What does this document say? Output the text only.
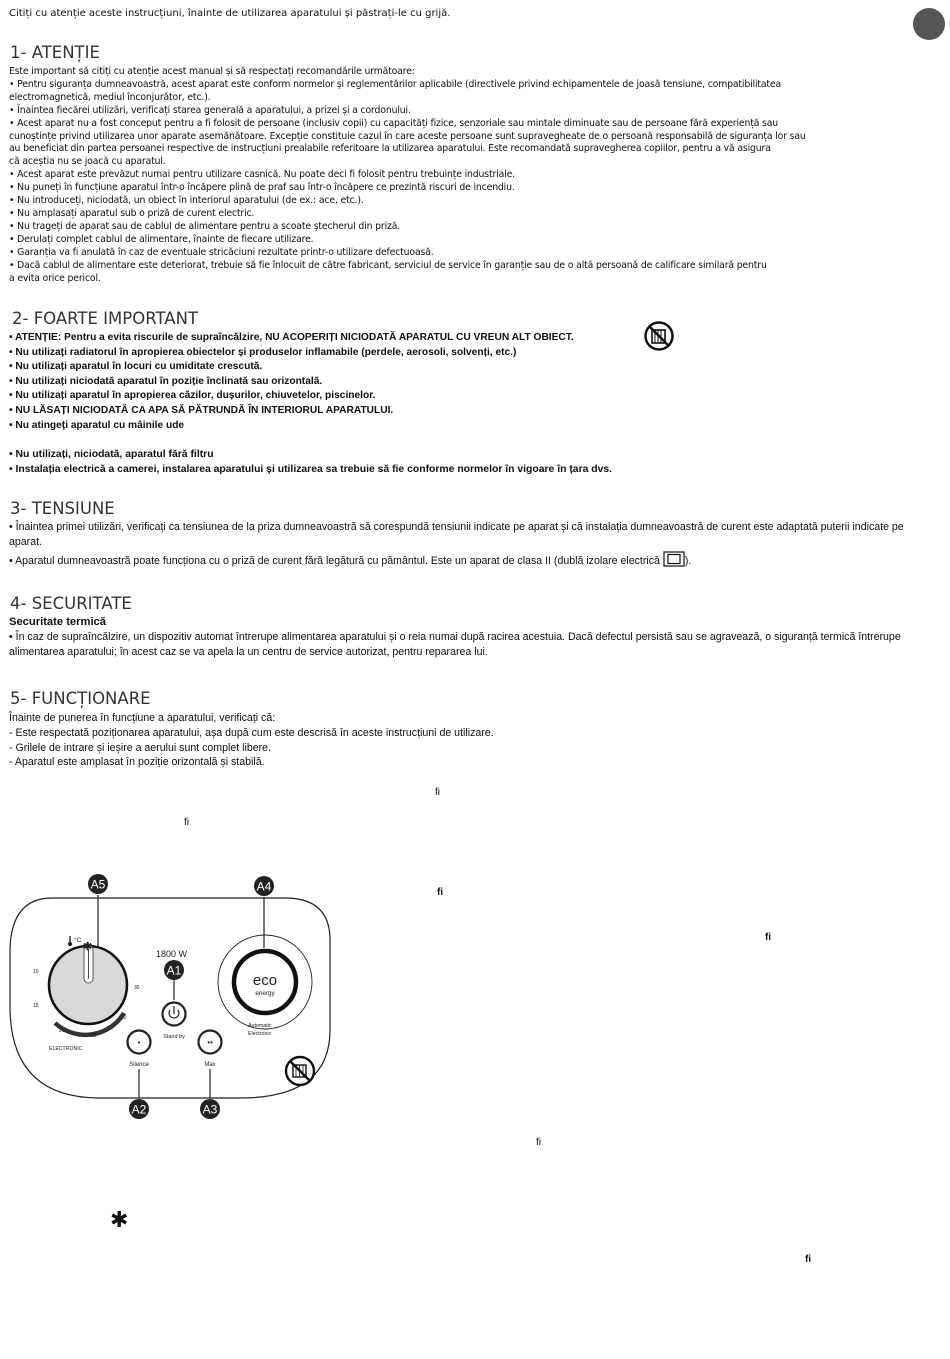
Citiți cu atenție aceste instrucțiuni, înainte de utilizarea aparatului și păstrați-le cu grijă.
1- ATENȚIE

Este important să citiți cu atenție acest manual și să respectați recomandările următoare:

• Pentru siguranța dumneavoastră, acest aparat este conform normelor și reglementărilor aplicabile (directivele privind echipamentele de joasă tensiune, compatibilitatea

electromagnetică, mediul înconjurător, etc.).

• Înaintea fiecărei utilizări, verificați starea generală a aparatului, a prizei și a cordonului.

• Acest aparat nu a fost conceput pentru a fi folosit de persoane (inclusiv copii) cu capacități fizice, senzoriale sau mintale diminuate sau de persoane fără experiență sau

cunoștințe privind utilizarea unor aparate asemănătoare. Excepție constituie cazul în care aceste persoane sunt supravegheate de o persoană responsabilă de siguranța lor sau

au beneficiat din partea persoanei respective de instrucțiuni prealabile referitoare la utilizarea aparatului. Este recomandată supravegherea copiilor, pentru a vă asigura

că aceștia nu se joacă cu aparatul.

• Acest aparat este prevăzut numai pentru utilizare casnică. Nu poate deci fi folosit pentru trebuințe industriale.

• Nu puneți în funcțiune aparatul într-o încăpere plină de praf sau într-o încăpere ce prezintă riscuri de incendiu.

• Nu introduceți, niciodată, un obiect în interiorul aparatului (de ex.: ace, etc.).

• Nu amplasați aparatul sub o priză de curent electric.

• Nu trageți de aparat sau de cablul de alimentare pentru a scoate ștecherul din priză.

• Derulați complet cablul de alimentare, înainte de fiecare utilizare.

• Garanția va fi anulată în caz de eventuale stricăciuni rezultate printr-o utilizare defectuoasă.

• Dacă cablul de alimentare este deteriorat, trebuie să fie înlocuit de către fabricant, serviciul de service în garanție sau de o altă persoană de calificare similară pentru

a evita orice pericol.

2- FOARTE IMPORTANT

• ATENȚIE: Pentru a evita riscurile de supraîncălzire, NU ACOPERIȚI NICIODATĂ APARATUL CU VREUN ALT OBIECT.

• Nu utilizați radiatorul în apropierea obiectelor și produselor inflamabile (perdele, aerosoli, solvenți, etc.)

• Nu utilizați aparatul în locuri cu umiditate crescută.

• Nu utilizați niciodată aparatul în poziție înclinată sau orizontală.

• Nu utilizați aparatul în apropierea căzilor, dușurilor, chiuvetelor, piscinelor.

• NU LĂSAȚI NICIODATĂ CA APA SĂ PĂTRUNDĂ ÎN INTERIORUL APARATULUI.

• Nu atingeți aparatul cu mâinile ude

• Nu utilizați, niciodată, aparatul fără filtru

• Instalația electrică a camerei, instalarea aparatului și utilizarea sa trebuie să fie conforme normelor în vigoare în țara dvs.

3- TENSIUNE

• Înaintea primei utilizări, verificați ca tensiunea de la priza dumneavoastră să corespundă tensiunii indicate pe aparat și că instalația dumneavoastră de curent este adaptată puterii indicate pe aparat.

• Aparatul dumneavoastră poate funcționa cu o priză de curent fără legătură cu pământul. Este un aparat de clasa II (dublă izolare electrică ).

4- SECURITATE

Securitate termică

• În caz de supraîncălzire, un dispozitiv automat întrerupe alimentarea aparatului și o reia numai după racirea acestuia. Dacă defectul persistă sau se agravează, o siguranță termică întrerupe alimentarea aparatului; în acest caz se va apela la un centru de service autorizat, pentru repararea lui.

5- FUNCȚIONARE

Înainte de punerea în funcțiune a aparatului, verificați că:

- Este respectată poziționarea aparatului, așa după cum este descrisă în aceste instrucțiuni de utilizare.

- Grilele de intrare și ieșire a aerului sunt complet libere.

- Aparatul este amplasat în poziție orizontală și stabilă.

ﬁ
ﬁ
ﬁ
ﬁ
ﬁ
ﬁ
✱
A5	A4
°C
✱
10
15
20
25
30
35
ELECTRONIC
1800 W
A1
Stand by
•
Silence
A2
••
Max
A3
eco
energy
Automatic
Electronic
